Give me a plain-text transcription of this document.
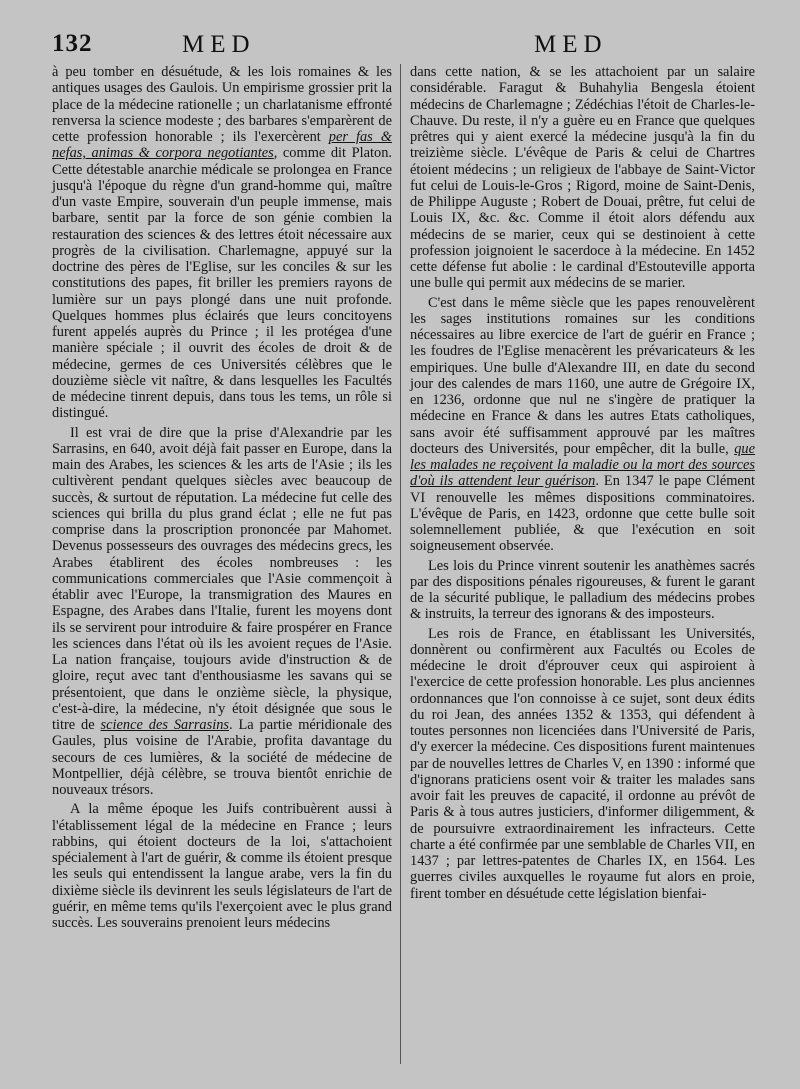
132	MED	MED

à peu tomber en désuétude, & les lois romaines & les antiques usages des Gaulois. Un empirisme grossier prit la place de la médecine rationelle ; un charlatanisme effronté renversa la science modeste ; des barbares s'emparèrent de cette profession honorable ; ils l'exercèrent per fas & nefas, animas & corpora negotiantes, comme dit Platon. Cette détestable anarchie médicale se prolongea en France jusqu'à l'époque du règne d'un grand-homme qui, maître d'un vaste Empire, souverain d'un peuple immense, mais barbare, sentit par la force de son génie combien la restauration des sciences & des lettres étoit nécessaire aux progrès de la civilisation. Charlemagne, appuyé sur la doctrine des pères de l'Eglise, sur les conciles & sur les constitutions des papes, fit briller les premiers rayons de lumière sur un pays plongé dans une nuit profonde. Quelques hommes plus éclairés que leurs concitoyens furent appelés auprès du Prince ; il les protégea d'une manière spéciale ; il ouvrit des écoles de droit & de médecine, germes de ces Universités célèbres que le douzième siècle vit naître, & dans lesquelles les Facultés de médecine tinrent depuis, dans tous les tems, un rôle si distingué.

Il est vrai de dire que la prise d'Alexandrie par les Sarrasins, en 640, avoit déjà fait passer en Europe, dans la main des Arabes, les sciences & les arts de l'Asie ; ils les cultivèrent pendant quelques siècles avec beaucoup de succès, & surtout de réputation. La médecine fut celle des sciences qui brilla du plus grand éclat ; elle ne fut pas comprise dans la proscription prononcée par Mahomet. Devenus possesseurs des ouvrages des médecins grecs, les Arabes établirent des écoles nombreuses : les communications commerciales que l'Asie commençoit à établir avec l'Europe, la transmigration des Maures en Espagne, des Arabes dans l'Italie, furent les moyens dont ils se servirent pour introduire & faire prospérer en France les sciences dans l'état où ils les avoient reçues de l'Asie. La nation française, toujours avide d'instruction & de gloire, reçut avec tant d'enthousiasme les savans qui se présentoient, que dans le onzième siècle, la physique, c'est-à-dire, la médecine, n'y étoit désignée que sous le titre de science des Sarrasins. La partie méridionale des Gaules, plus voisine de l'Arabie, profita davantage du secours de ces lumières, & la société de médecine de Montpellier, déjà célèbre, se trouva bientôt enrichie de nouveaux trésors.

A la même époque les Juifs contribuèrent aussi à l'établissement légal de la médecine en France ; leurs rabbins, qui étoient docteurs de la loi, s'attachoient spécialement à l'art de guérir, & comme ils étoient presque les seuls qui entendissent la langue arabe, vers la fin du dixième siècle ils devinrent les seuls législateurs de l'art de guérir, en même tems qu'ils l'exerçoient avec le plus grand succès. Les souverains prenoient leurs médecins

dans cette nation, & se les attachoient par un salaire considérable. Faragut & Buhahylia Bengesla étoient médecins de Charlemagne ; Zédéchias l'étoit de Charles-le-Chauve. Du reste, il n'y a guère eu en France que quelques prêtres qui y aient exercé la médecine jusqu'à la fin du treizième siècle. L'évêque de Paris & celui de Chartres étoient médecins ; un religieux de l'abbaye de Saint-Victor fut celui de Louis-le-Gros ; Rigord, moine de Saint-Denis, de Philippe Auguste ; Robert de Douai, prêtre, fut celui de Louis IX, &c. &c. Comme il étoit alors défendu aux médecins de se marier, ceux qui se destinoient à cette profession joignoient le sacerdoce à la médecine. En 1452 cette défense fut abolie : le cardinal d'Estouteville apporta une bulle qui permit aux médecins de se marier.

C'est dans le même siècle que les papes renouvelèrent les sages institutions romaines sur les conditions nécessaires au libre exercice de l'art de guérir en France ; les foudres de l'Eglise menacèrent les prévaricateurs & les empiriques. Une bulle d'Alexandre III, en date du second jour des calendes de mars 1160, une autre de Grégoire IX, en 1236, ordonne que nul ne s'ingère de pratiquer la médecine en France & dans les autres Etats catholiques, sans avoir été suffisamment approuvé par les maîtres docteurs des Universités, pour empêcher, dit la bulle, que les malades ne reçoivent la maladie ou la mort des sources d'où ils attendent leur guérison. En 1347 le pape Clément VI renouvelle les mêmes dispositions comminatoires. L'évêque de Paris, en 1423, ordonne que cette bulle soit solemnellement publiée, & que l'exécution en soit soigneusement observée.

Les lois du Prince vinrent soutenir les anathèmes sacrés par des dispositions pénales rigoureuses, & furent le garant de la sécurité publique, le palladium des médecins probes & instruits, la terreur des ignorans & des imposteurs.

Les rois de France, en établissant les Universités, donnèrent ou confirmèrent aux Facultés ou Ecoles de médecine le droit d'éprouver ceux qui aspiroient à l'exercice de cette profession honorable. Les plus anciennes ordonnances que l'on connoisse à ce sujet, sont deux édits du roi Jean, des années 1352 & 1353, qui défendent à toutes personnes non licenciées dans l'Université de Paris, d'y exercer la médecine. Ces dispositions furent maintenues par de nouvelles lettres de Charles V, en 1390 : informé que d'ignorans praticiens osent voir & traiter les malades sans avoir fait les preuves de capacité, il ordonne au prévôt de Paris & à tous autres justiciers, d'informer diligemment, & de poursuivre extraordinairement les infracteurs. Cette charte a été confirmée par une semblable de Charles VII, en 1437 ; par lettres-patentes de Charles IX, en 1564. Les guerres civiles auxquelles le royaume fut alors en proie, firent tomber en désuétude cette législation bienfai-
